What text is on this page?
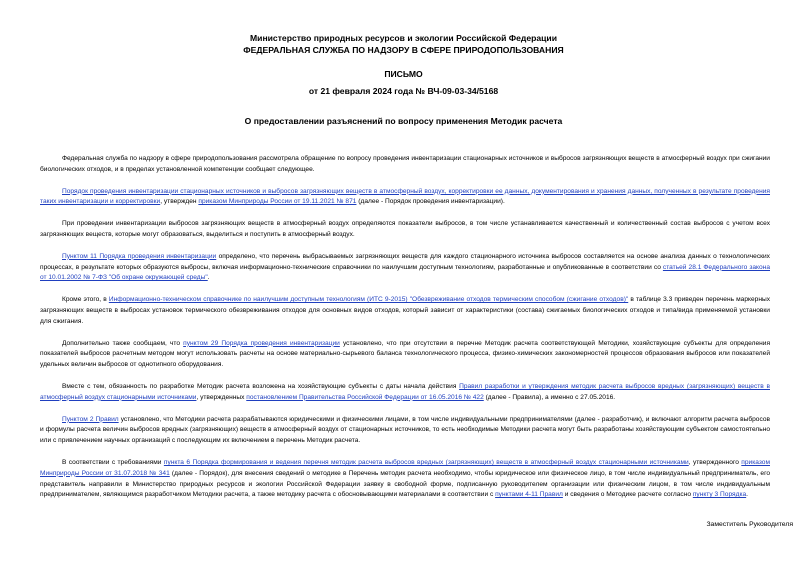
Министерство природных ресурсов и экологии Российской Федерации
ФЕДЕРАЛЬНАЯ СЛУЖБА ПО НАДЗОРУ В СФЕРЕ ПРИРОДОПОЛЬЗОВАНИЯ
ПИСЬМО
от 21 февраля 2024 года № ВЧ-09-03-34/5168
О предоставлении разъяснений по вопросу применения Методик расчета

Федеральная служба по надзору в сфере природопользования рассмотрела обращение по вопросу проведения инвентаризации стационарных источников и выбросов загрязняющих веществ в атмосферный воздух при сжигании биологических отходов, и в пределах установленной компетенции сообщает следующее.

Порядок проведения инвентаризации стационарных источников и выбросов загрязняющих веществ в атмосферный воздух, корректировки ее данных, документирования и хранения данных, полученных в результате проведения таких инвентаризации и корректировки, утвержден приказом Минприроды России от 19.11.2021 № 871 (далее - Порядок проведения инвентаризации).

При проведении инвентаризации выбросов загрязняющих веществ в атмосферный воздух определяются показатели выбросов, в том числе устанавливается качественный и количественный состав выбросов с учетом всех загрязняющих веществ, которые могут образоваться, выделиться и поступить в атмосферный воздух.

Пунктом 11 Порядка проведения инвентаризации определено, что перечень выбрасываемых загрязняющих веществ для каждого стационарного источника выбросов составляется на основе анализа данных о технологических процессах, в результате которых образуются выбросы, включая информационно-технические справочники по наилучшим доступным технологиям, разработанные и опубликованные в соответствии со статьей 28.1 Федерального закона от 10.01.2002 № 7-ФЗ "Об охране окружающей среды".

Кроме этого, в Информационно-техническом справочнике по наилучшим доступным технологиям (ИТС 9-2015) "Обезвреживание отходов термическим способом (сжигание отходов)" в таблице 3.3 приведен перечень маркерных загрязняющих веществ в выбросах установок термического обезвреживания отходов для основных видов отходов, который зависит от характеристики (состава) сжигаемых биологических отходов и типа/вида применяемой установки для сжигания.

Дополнительно также сообщаем, что пунктом 29 Порядка проведения инвентаризации установлено, что при отсутствии в перечне Методик расчета соответствующей Методики, хозяйствующие субъекты для определения показателей выбросов расчетным методом могут использовать расчеты на основе материально-сырьевого баланса технологического процесса, физико-химических закономерностей процессов образования выбросов или показателей удельных величин выбросов от однотипного оборудования.

Вместе с тем, обязанность по разработке Методик расчета возложена на хозяйствующие субъекты с даты начала действия Правил разработки и утверждения методик расчета выбросов вредных (загрязняющих) веществ в атмосферный воздух стационарными источниками, утвержденных постановлением Правительства Российской Федерации от 16.05.2016 № 422 (далее - Правила), а именно с 27.05.2016.

Пунктом 2 Правил установлено, что Методики расчета разрабатываются юридическими и физическими лицами, в том числе индивидуальными предпринимателями (далее - разработчик), и включают алгоритм расчета выбросов и формулы расчета величин выбросов вредных (загрязняющих) веществ в атмосферный воздух от стационарных источников, то есть необходимые Методики расчета могут быть разработаны хозяйствующим субъектом самостоятельно или с привлечением научных организаций с последующим их включением в перечень Методик расчета.

В соответствии с требованиями пункта 6 Порядка формирования и ведения перечня методик расчета выбросов вредных (загрязняющих) веществ в атмосферный воздух стационарными источниками, утвержденного приказом Минприроды России от 31.07.2018 № 341 (далее - Порядок), для внесения сведений о методике в Перечень методик расчета необходимо, чтобы юридическое или физическое лицо, в том числе индивидуальный предприниматель, его представитель направили в Министерство природных ресурсов и экологии Российской Федерации заявку в свободной форме, подписанную руководителем организации или физическим лицом, в том числе индивидуальным предпринимателем, являющимся разработчиком Методики расчета, а также методику расчета с обосновывающими материалами в соответствии с пунктами 4-11 Правил и сведения о Методике расчете согласно пункту 3 Порядка.

Заместитель Руководителя
